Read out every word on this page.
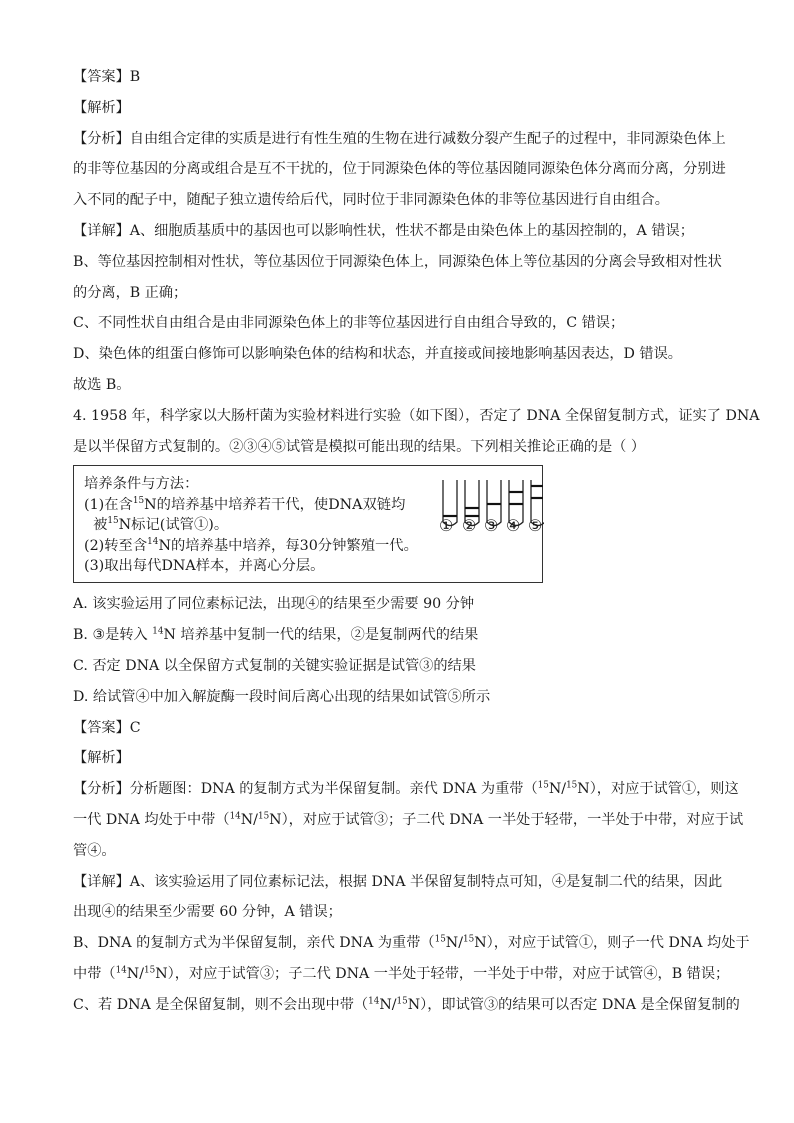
【答案】B
【解析】
【分析】自由组合定律的实质是进行有性生殖的生物在进行减数分裂产生配子的过程中，非同源染色体上
的非等位基因的分离或组合是互不干扰的，位于同源染色体的等位基因随同源染色体分离而分离，分别进
入不同的配子中，随配子独立遗传给后代，同时位于非同源染色体的非等位基因进行自由组合。
【详解】A、细胞质基质中的基因也可以影响性状，性状不都是由染色体上的基因控制的，A 错误；
B、等位基因控制相对性状，等位基因位于同源染色体上，同源染色体上等位基因的分离会导致相对性状
的分离，B 正确；
C、不同性状自由组合是由非同源染色体上的非等位基因进行自由组合导致的，C 错误；
D、染色体的组蛋白修饰可以影响染色体的结构和状态，并直接或间接地影响基因表达，D 错误。
故选 B。
4. 1958 年，科学家以大肠杆菌为实验材料进行实验（如下图），否定了 DNA 全保留复制方式，证实了 DNA
是以半保留方式复制的。②③④⑤试管是模拟可能出现的结果。下列相关推论正确的是（ ）
培养条件与方法：
(1)在含$^{15}$N的培养基中培养若干代，使DNA双链均
被$^{15}$N标记(试管①)。
(2)转至含$^{14}$N的培养基中培养，每30分钟繁殖一代。
(3)取出每代DNA样本，并离心分层。
① ② ③ ④ ⑤
A. 该实验运用了同位素标记法，出现④的结果至少需要 90 分钟
B. ③是转入 $^{14}$N 培养基中复制一代的结果，②是复制两代的结果
C. 否定 DNA 以全保留方式复制的关键实验证据是试管③的结果
D. 给试管④中加入解旋酶一段时间后离心出现的结果如试管⑤所示
【答案】C
【解析】
【分析】分析题图：DNA 的复制方式为半保留复制。亲代 DNA 为重带（$^{15}$N/$^{15}$N），对应于试管①，则这
一代 DNA 均处于中带（$^{14}$N/$^{15}$N），对应于试管③；子二代 DNA 一半处于轻带，一半处于中带，对应于试
管④。
【详解】A、该实验运用了同位素标记法，根据 DNA 半保留复制特点可知，④是复制二代的结果，因此
出现④的结果至少需要 60 分钟，A 错误；
B、DNA 的复制方式为半保留复制，亲代 DNA 为重带（$^{15}$N/$^{15}$N），对应于试管①，则子一代 DNA 均处于
中带（$^{14}$N/$^{15}$N），对应于试管③；子二代 DNA 一半处于轻带，一半处于中带，对应于试管④，B 错误；
C、若 DNA 是全保留复制，则不会出现中带（$^{14}$N/$^{15}$N），即试管③的结果可以否定 DNA 是全保留复制的
